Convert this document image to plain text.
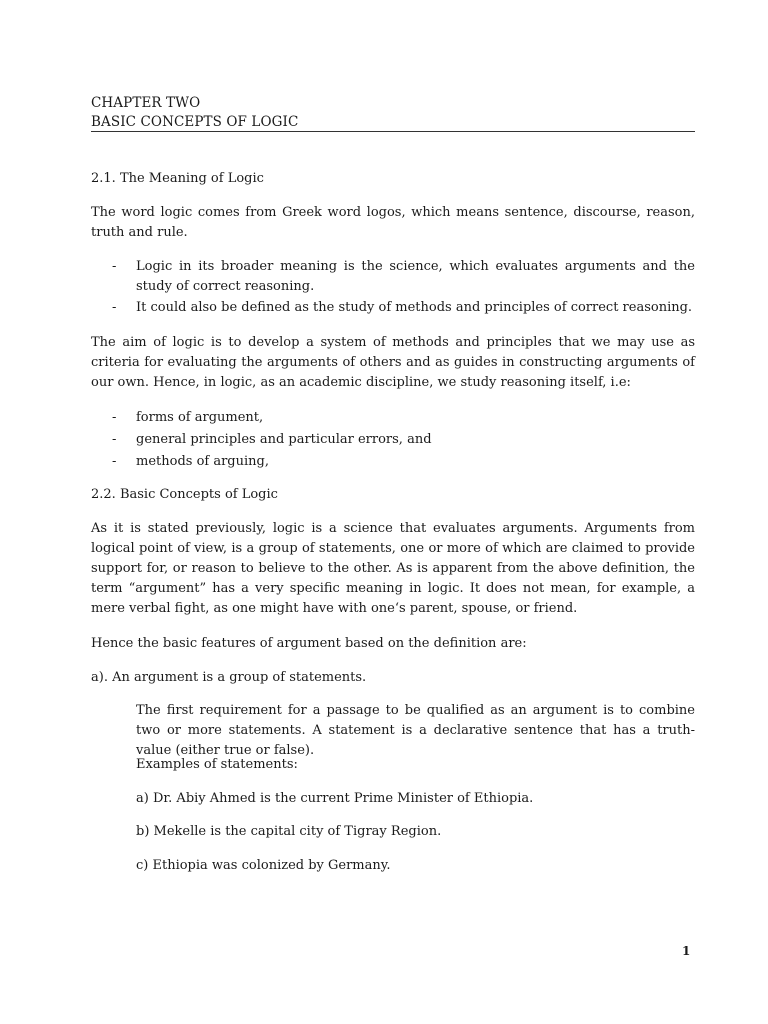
CHAPTER TWO
BASIC CONCEPTS OF LOGIC
2.1. The Meaning of Logic

The word logic comes from Greek word logos, which means sentence, discourse, reason, truth and rule.

- Logic in its broader meaning is the science, which evaluates arguments and the study of correct reasoning.

- It could also be defined as the study of methods and principles of correct reasoning.

The aim of logic is to develop a system of methods and principles that we may use as criteria for evaluating the arguments of others and as guides in constructing arguments of our own. Hence, in logic, as an academic discipline, we study reasoning itself, i.e:

- forms of argument,

- general principles and particular errors, and

- methods of arguing,

2.2. Basic Concepts of Logic

As it is stated previously, logic is a science that evaluates arguments. Arguments from logical point of view, is a group of statements, one or more of which are claimed to provide support for, or reason to believe to the other. As is apparent from the above definition, the term “argument” has a very specific meaning in logic. It does not mean, for example, a mere verbal fight, as one might have with one‘s parent, spouse, or friend.

Hence the basic features of argument based on the definition are:

a). An argument is a group of statements.

The first requirement for a passage to be qualified as an argument is to combine two or more statements. A statement is a declarative sentence that has a truth-value (either true or false).

Examples of statements:

a) Dr. Abiy Ahmed is the current Prime Minister of Ethiopia.

b) Mekelle is the capital city of Tigray Region.

c) Ethiopia was colonized by Germany.

1
